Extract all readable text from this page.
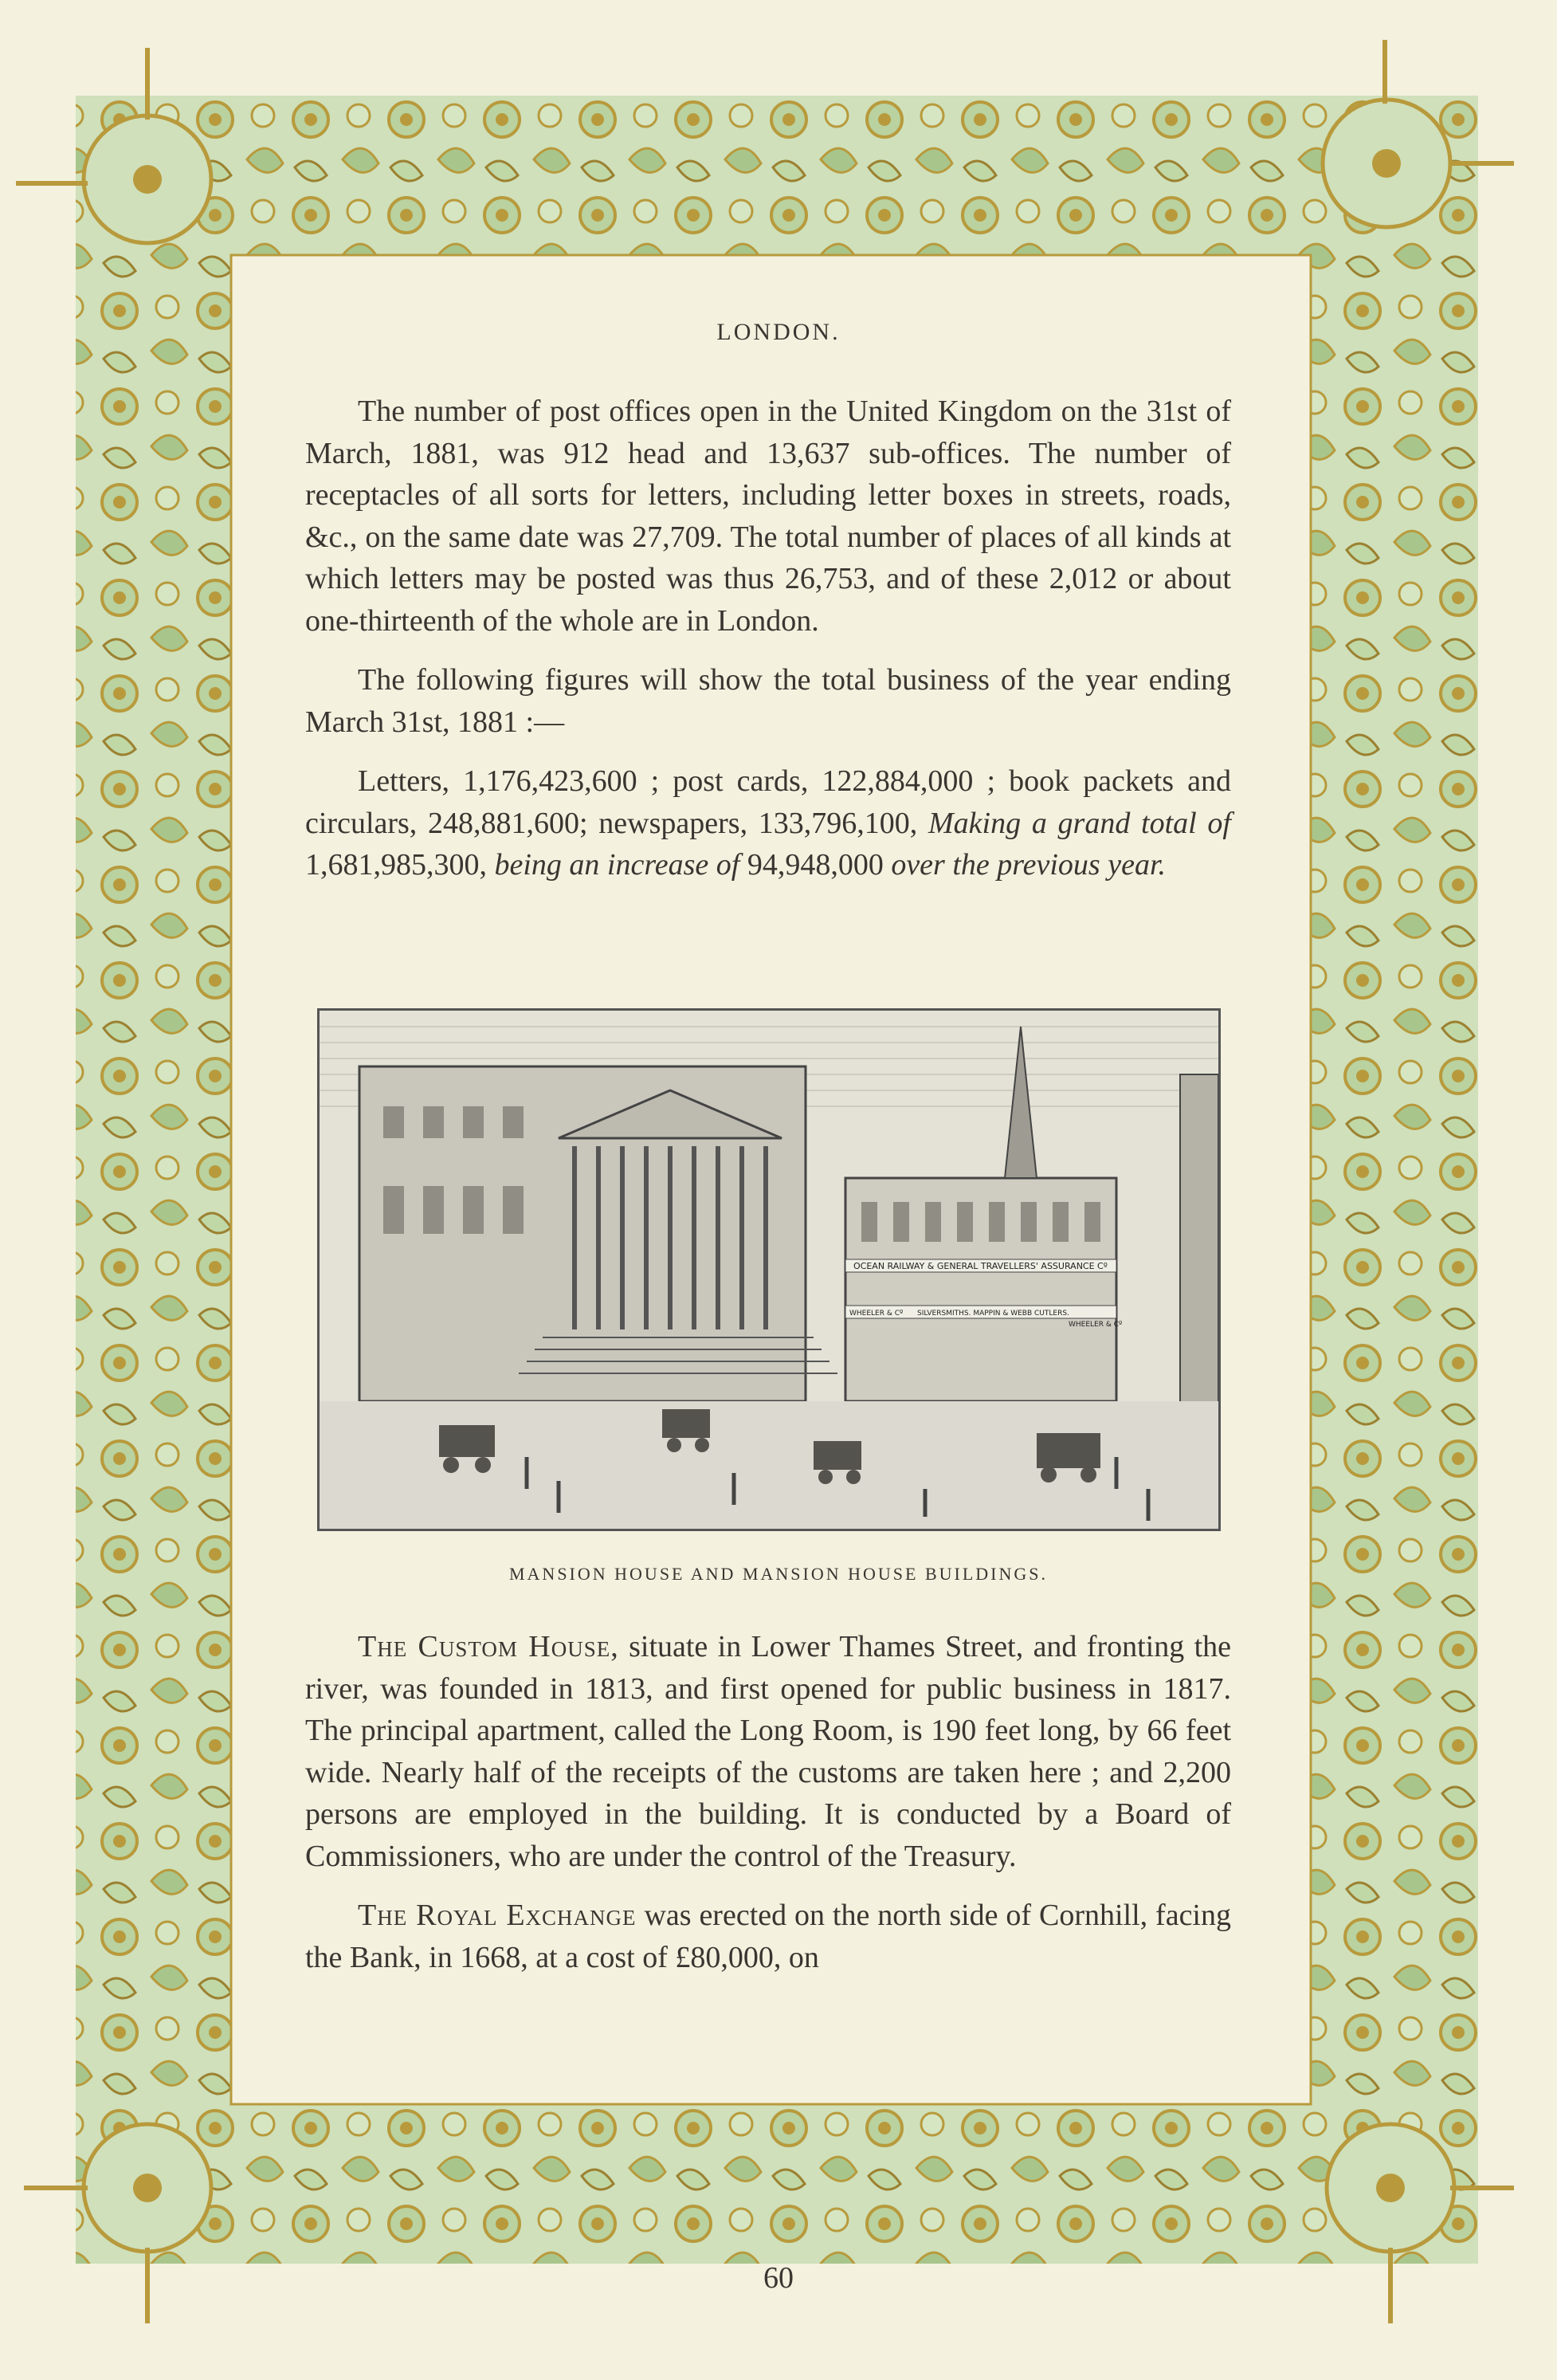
LONDON.

The number of post offices open in the United Kingdom on the 31st of March, 1881, was 912 head and 13,637 sub-offices. The number of receptacles of all sorts for letters, including letter boxes in streets, roads, &c., on the same date was 27,709. The total number of places of all kinds at which letters may be posted was thus 26,753, and of these 2,012 or about one-thirteenth of the whole are in London.

The following figures will show the total business of the year ending March 31st, 1881 :—

Letters, 1,176,423,600 ; post cards, 122,884,000 ; book packets and circulars, 248,881,600; newspapers, 133,796,100, Making a grand total of 1,681,985,300, being an increase of 94,948,000 over the previous year.

OCEAN RAILWAY & GENERAL TRAVELLERS' ASSURANCE Cº
WHEELER & Cº SILVERSMITHS. MAPPIN & WEBB CUTLERS.
WHEELER & Cº
MANSION HOUSE AND MANSION HOUSE BUILDINGS.

The Custom House, situate in Lower Thames Street, and fronting the river, was founded in 1813, and first opened for public business in 1817. The principal apartment, called the Long Room, is 190 feet long, by 66 feet wide. Nearly half of the receipts of the customs are taken here ; and 2,200 persons are employed in the building. It is conducted by a Board of Commissioners, who are under the control of the Treasury.

The Royal Exchange was erected on the north side of Cornhill, facing the Bank, in 1668, at a cost of £80,000, on

60
